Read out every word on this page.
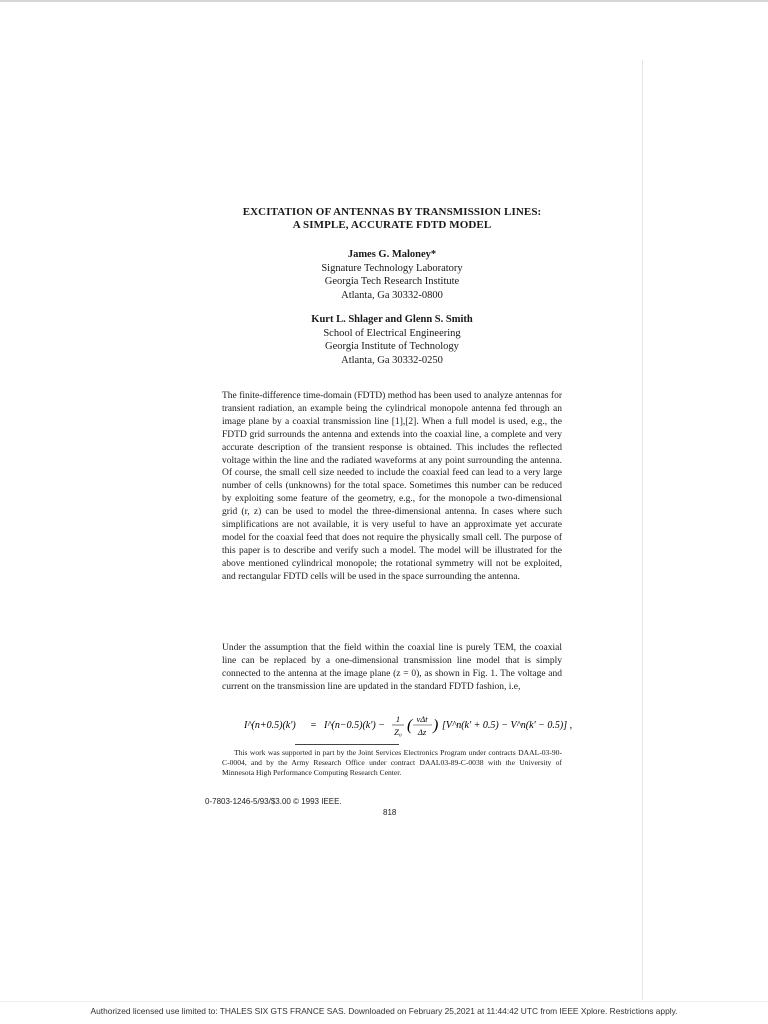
EXCITATION OF ANTENNAS BY TRANSMISSION LINES:
A SIMPLE, ACCURATE FDTD MODEL
James G. Maloney*
Signature Technology Laboratory
Georgia Tech Research Institute
Atlanta, Ga 30332-0800
Kurt L. Shlager and Glenn S. Smith
School of Electrical Engineering
Georgia Institute of Technology
Atlanta, Ga 30332-0250

The finite-difference time-domain (FDTD) method has been used to analyze antennas for transient radiation, an example being the cylindrical monopole antenna fed through an image plane by a coaxial transmission line [1],[2]. When a full model is used, e.g., the FDTD grid surrounds the antenna and extends into the coaxial line, a complete and very accurate description of the transient response is obtained. This includes the reflected voltage within the line and the radiated waveforms at any point surrounding the antenna. Of course, the small cell size needed to include the coaxial feed can lead to a very large number of cells (unknowns) for the total space. Sometimes this number can be reduced by exploiting some feature of the geometry, e.g., for the monopole a two-dimensional grid (r, z) can be used to model the three-dimensional antenna. In cases where such simplifications are not available, it is very useful to have an approximate yet accurate model for the coaxial feed that does not require the physically small cell. The purpose of this paper is to describe and verify such a model. The model will be illustrated for the above mentioned cylindrical monopole; the rotational symmetry will not be exploited, and rectangular FDTD cells will be used in the space surrounding the antenna.

Under the assumption that the field within the coaxial line is purely TEM, the coaxial line can be replaced by a one-dimensional transmission line model that is simply connected to the antenna at the image plane (z = 0), as shown in Fig. 1. The voltage and current on the transmission line are updated in the standard FDTD fashion, i.e,

I^(n+0.5)(k') = I^(n−0.5)(k') −
1
Z₀ ( vΔt
Δz ) [V^n(k' + 0.5) − V^n(k' − 0.5)] ,

This work was supported in part by the Joint Services Electronics Program under contracts DAAL-03-90-C-0004, and by the Army Research Office under contract DAAL03-89-C-0038 with the University of Minnesota High Performance Computing Research Center.

0-7803-1246-5/93/$3.00 © 1993 IEEE.
818
Authorized licensed use limited to: THALES SIX GTS FRANCE SAS. Downloaded on February 25,2021 at 11:44:42 UTC from IEEE Xplore. Restrictions apply.
